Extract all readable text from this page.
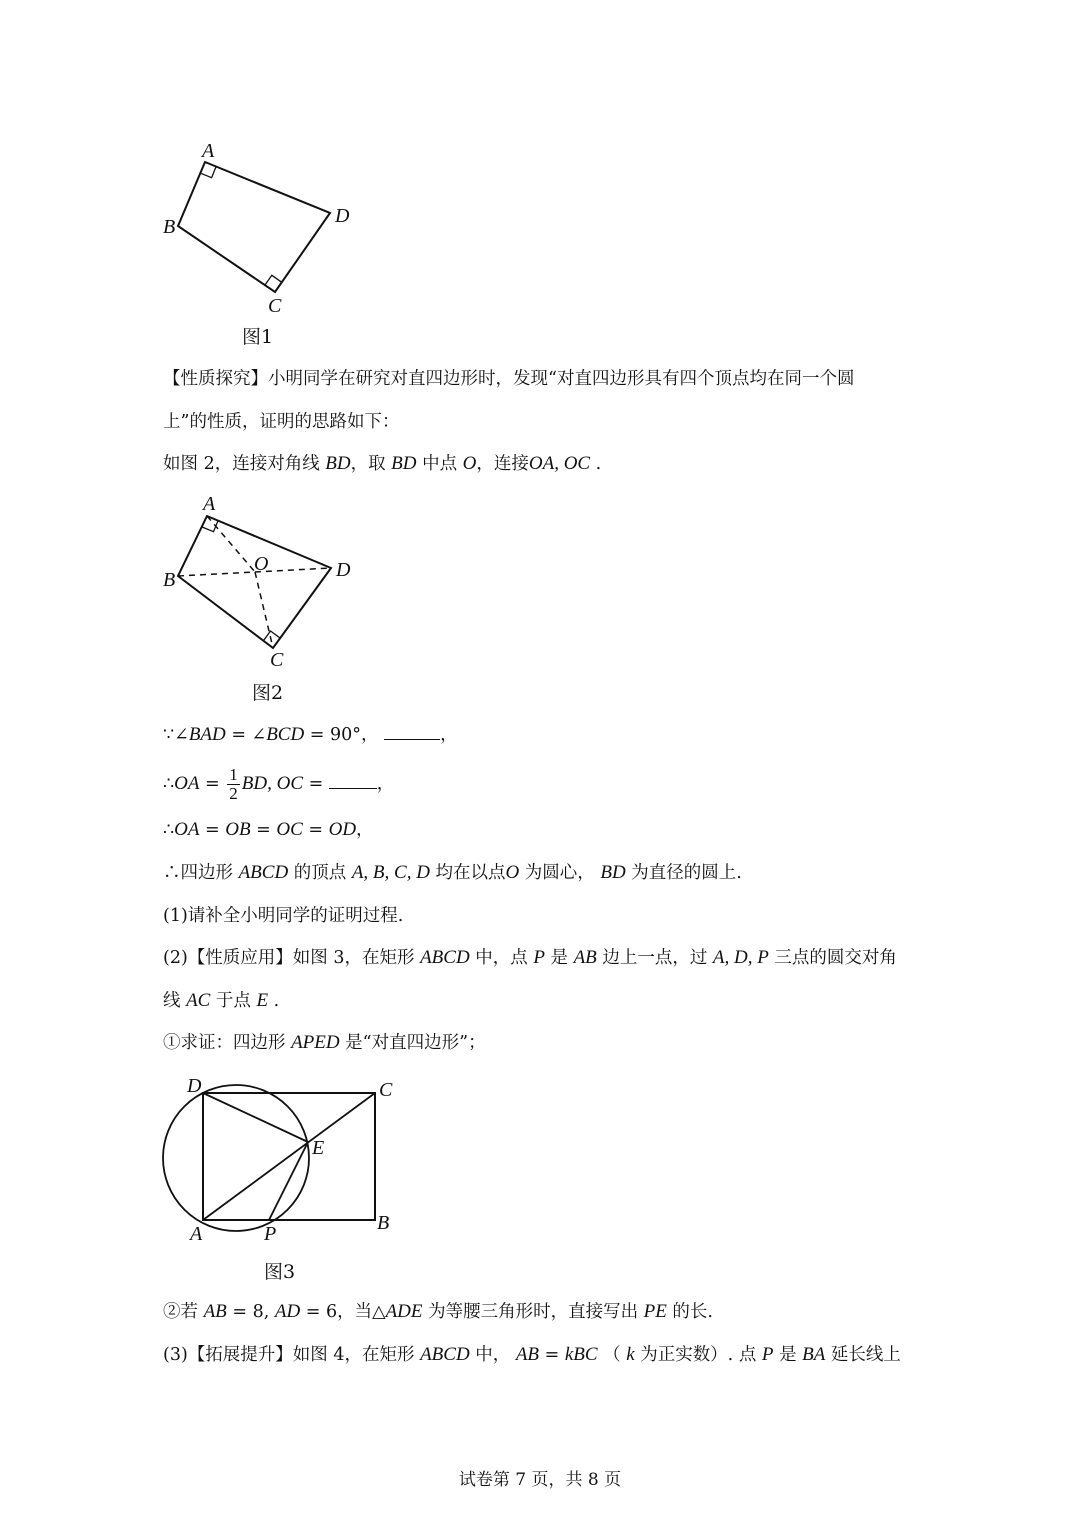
A
B	D
C
图1
【性质探究】小明同学在研究对直四边形时，发现“对直四边形具有四个顶点均在同一个圆
上”的性质，证明的思路如下：
如图 2，连接对角线 BD，取 BD 中点 O，连接OA, OC .
A
B
O	D
C
图2
∵∠BAD = ∠BCD = 90°，	，
∴OA = $\frac{1}{2}$ BD, OC =	，
∴OA = OB = OC = OD，
∴四边形 ABCD 的顶点 A, B, C, D 均在以点O 为圆心， BD 为直径的圆上.
(1)请补全小明同学的证明过程.
(2)【性质应用】如图 3，在矩形 ABCD 中，点 P 是 AB 边上一点，过 A, D, P 三点的圆交对角
线 AC 于点 E .
①求证：四边形 APED 是“对直四边形”；
D	C
E
A	P	B
图3
②若 AB = 8, AD = 6，当△ADE 为等腰三角形时，直接写出 PE 的长.
(3)【拓展提升】如图 4，在矩形 ABCD 中， AB = kBC （ k 为正实数）. 点 P 是 BA 延长线上
试卷第 7 页，共 8 页
